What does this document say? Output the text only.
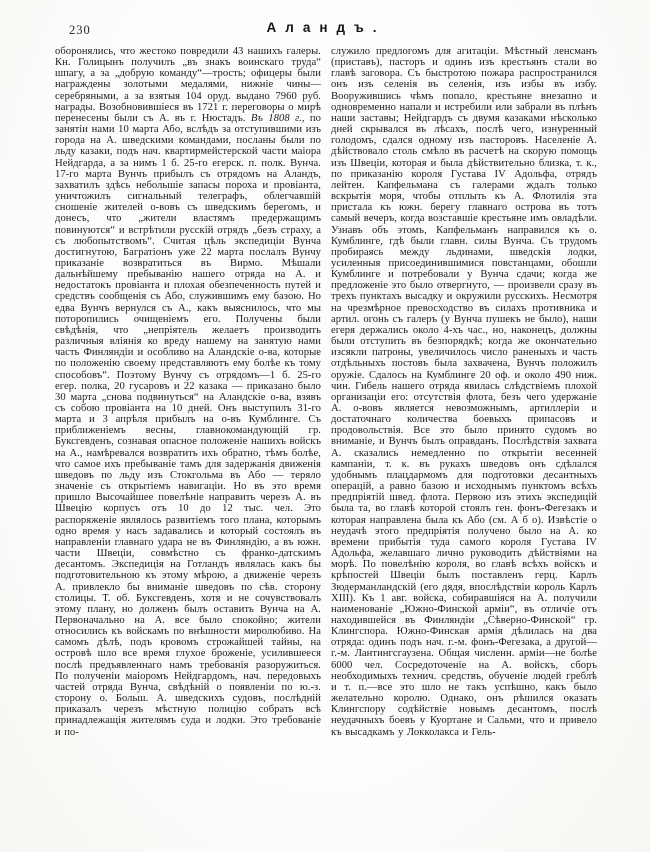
230	Аландъ.
оборонялись, что жестоко повредили 43 нашихъ галеры. Кн. Голицынъ получилъ „въ знакъ воинскаго труда“ шпагу, а за „добрую команду“—трость; офицеры были награждены золотыми медалями, нижніе чины—серебряными, а за взятыя 104 оруд. выдано 7960 руб. награды. Возобновившіеся въ 1721 г. переговоры о мирѣ перенесены были съ А. въ г. Нюстадъ. Въ 1808 г., по занятіи нами 10 марта Або, вслѣдъ за отступившими изъ города на А. шведскими командами, посланы были по льду казаки, подъ нач. квартирмейстерской части маіора Нейдгарда, а за нимъ 1 б. 25-го егерск. п. полк. Вунча. 17-го марта Вунчъ прибылъ съ отрядомъ на Аландъ, захватилъ здѣсь небольшіе запасы пороха и провіанта, уничтожилъ сигнальный телеграфъ, облегчавшій сношеніе жителей о-вовъ съ шведскимъ берегомъ, и донесъ, что „жители властямъ предержащимъ повинуются“ и встрѣтили русскій отрядъ „безъ страху, а съ любопытствомъ“. Считая цѣль экспедиціи Вунча достигнутою, Багратіонъ уже 22 марта послалъ Вунчу приказаніе возвратиться въ Вирмо. Мѣшали дальнѣйшему пребыванію нашего отряда на А. и недостатокъ провіанта и плохая обезпеченность путей и средствъ сообщенія съ Або, служившимъ ему базою. Но едва Вунчъ вернулся съ А., какъ выяснилось, что мы поторопились очищеніемъ его. Получены были свѣдѣнія, что „непріятель желаетъ производить различныя вліянія ко вреду нашему на занятую нами часть Финляндіи и особливо на Аландскіе о-ва, которые по положенію своему представляютъ ему болѣе къ тому способовъ“. Поэтому Вунчу съ отрядомъ—1 б. 25-го егер. полка, 20 гусаровъ и 22 казака — приказано было 30 марта „снова подвинуться“ на Аландскіе о-ва, взявъ съ собою провіанта на 10 дней. Онъ выступилъ 31-го марта и 3 апрѣля прибылъ на о-въ Кумблинге. Съ приближеніемъ весны, главнокомандующій гр. Буксгевденъ, сознавая опасное положеніе нашихъ войскъ на А., намѣревался возвратить ихъ обратно, тѣмъ болѣе, что самое ихъ пребываніе тамъ для задержанія движенія шведовъ по льду изъ Стокгольма въ Або — теряло значеніе съ открытіемъ навигаціи. Но въ это время пришло Высочайшее повелѣніе направить черезъ А. въ Швецію корпусъ отъ 10 до 12 тыс. чел. Это распоряженіе являлось развитіемъ того плана, которымъ одно время у насъ задавались и который состоялъ въ направленіи главнаго удара не въ Финляндію, а въ южн. части Швеціи, совмѣстно съ франко-датскимъ десантомъ. Экспедиція на Готландъ являлась какъ бы подготовительною къ этому мѣрою, а движеніе черезъ А. привлекло бы вниманіе шведовъ по сѣв. сторону столицы. Т. об. Буксгевденъ, хотя и не сочувствовалъ этому плану, но долженъ былъ оставить Вунча на А. Первоначально на А. все было спокойно; жители относились къ войскамъ по внѣшности миролюбиво. На самомъ дѣлѣ, подъ кровомъ строжайшей тайны, на островѣ шло все время глухое броженіе, усилившееся послѣ предъявленнаго намъ требованія разоружиться. По полученіи маіоромъ Нейдгардомъ, нач. передовыхъ частей отряда Вунча, свѣдѣній о появленіи по ю.-з. сторону о. Больш. А. шведскихъ судовъ, послѣдній приказалъ черезъ мѣстную полицію собрать всѣ принадлежащія жителямъ суда и лодки. Это требованіе и по-
служило предлогомъ для агитаціи. Мѣстный ленсманъ (приставъ), пасторъ и одинъ изъ крестьянъ стали во главѣ заговора. Съ быстротою пожара распространился онъ изъ селенія въ селенія, изъ избы въ избу. Вооружившись чѣмъ попало, крестьяне внезапно и одновременно напали и истребили или забрали въ плѣнъ наши заставы; Нейдгардъ съ двумя казаками нѣсколько дней скрывался въ лѣсахъ, послѣ чего, изнуренный голодомъ, сдался одному изъ пасторовъ. Населеніе А. дѣйствовало столь смѣло въ расчетѣ на скорую помощь изъ Швеціи, которая и была дѣйствительно близка, т. к., по приказанію короля Густава IV Адольфа, отрядъ лейтен. Капфельмана съ галерами ждалъ только вскрытія моря, чтобы отплыть къ А. Флотилія эта пристала къ южн. берегу главнаго острова въ тотъ самый вечеръ, когда возставшіе крестьяне имъ овладѣли. Узнавъ объ этомъ, Капфельманъ направился къ о. Кумблинге, гдѣ были главн. силы Вунча. Съ трудомъ пробираясь между льдинами, шведскія лодки, усиленныя присоединившимися повстанцами, обошли Кумблинге и потребовали у Вунча сдачи; когда же предложеніе это было отвергнуто, — произвели сразу въ трехъ пунктахъ высадку и окружили русскихъ. Несмотря на чрезмѣрное превосходство въ силахъ противника и артил. огонь съ галеръ (у Вунча пушекъ не было), наши егеря держались около 4-хъ час., но, наконецъ, должны были отступить въ безпорядкѣ; когда же окончательно изсякли патроны, увеличилось число раненыхъ и часть отдѣльныхъ постовъ была захвачена, Вунчъ положилъ оружіе. Сдалось на Кумблинге 20 оф. и около 490 ниж. чин. Гибель нашего отряда явилась слѣдствіемъ плохой организаціи его: отсутствія флота, безъ чего удержаніе А. о-вовъ является невозможнымъ, артиллеріи и достаточнаго количества боевыхъ припасовъ и продовольствія. Все это было принято судомъ во вниманіе, и Вунчъ былъ оправданъ. Послѣдствія захвата А. сказались немедленно по открытіи весенней кампаніи, т. к. въ рукахъ шведовъ онъ сдѣлался удобнымъ плацдармомъ для подготовки десантныхъ операцій, а равно базою и исходнымъ пунктомъ всѣхъ предпріятій швед. флота. Первою изъ этихъ экспедицій была та, во главѣ которой стоялъ ген. фонъ-Фегезакъ и которая направлена была къ Або (см. А б о). Извѣстіе о неудачѣ этого предпріятія получено было на А. ко времени прибытія туда самого короля Густава IV Адольфа, желавшаго лично руководить дѣйствіями на морѣ. По повелѣнію короля, во главѣ всѣхъ войскъ и крѣпостей Швеціи былъ поставленъ герц. Карлъ Зюдерманландскій (его дядя, впослѣдствіи король Карлъ XIII). Къ 1 авг. войска, собиравшіяся на А. получили наименованіе „Южно-Финской арміи“, въ отличіе отъ находившейся въ Финляндіи „Сѣверно-Финской“ гр. Клингспора. Южно-Финская армія дѣлилась на два отряда: одинъ подъ нач. г.-м. фонъ-Фегезака, а другой—г.-м. Лантингсгаузена. Общая численн. арміи—не болѣе 6000 чел. Сосредоточеніе на А. войскъ, сборъ необходимыхъ технич. средствъ, обученіе людей греблѣ и т. п.—все это шло не такъ успѣшно, какъ было желательно королю. Однако, онъ рѣшился оказать Клингспору содѣйствіе новымъ десантомъ, послѣ неудачныхъ боевъ у Куортане и Сальми, что и привело къ высадкамъ у Локколакса и Гель-
